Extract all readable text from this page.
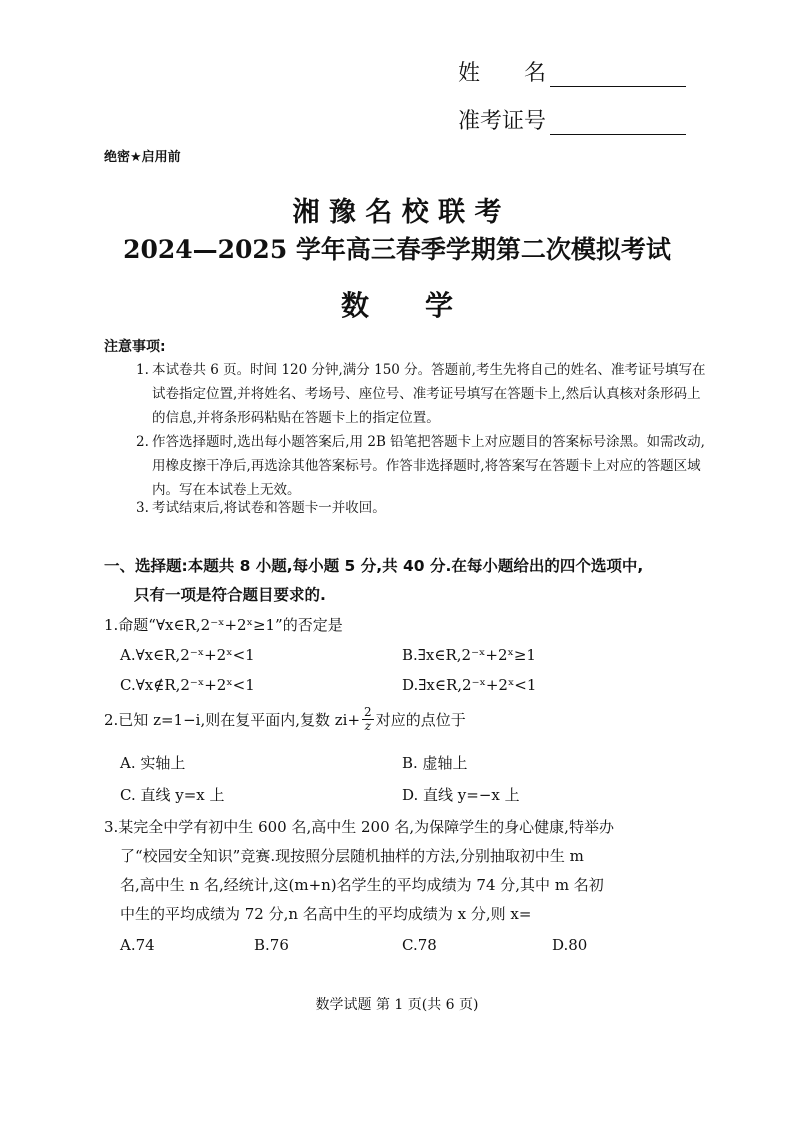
姓　　名
准考证号
绝密★启用前
湘 豫 名 校 联 考
2024—2025 学年高三春季学期第二次模拟考试
数　　学
注意事项:
1. 本试卷共 6 页。时间 120 分钟,满分 150 分。答题前,考生先将自己的姓名、准考证号填写在试卷指定位置,并将姓名、考场号、座位号、准考证号填写在答题卡上,然后认真核对条形码上的信息,并将条形码粘贴在答题卡上的指定位置。
2. 作答选择题时,选出每小题答案后,用 2B 铅笔把答题卡上对应题目的答案标号涂黑。如需改动,用橡皮擦干净后,再选涂其他答案标号。作答非选择题时,将答案写在答题卡上对应的答题区域内。写在本试卷上无效。
3. 考试结束后,将试卷和答题卡一并收回。
一、选择题:本题共 8 小题,每小题 5 分,共 40 分.在每小题给出的四个选项中,
只有一项是符合题目要求的.
1.命题“∀x∈R,2⁻ˣ+2ˣ≥1”的否定是
A.∀x∈R,2⁻ˣ+2ˣ<1	B.∃x∈R,2⁻ˣ+2ˣ≥1
C.∀x∉R,2⁻ˣ+2ˣ<1	D.∃x∈R,2⁻ˣ+2ˣ<1
2.已知 z=1−i,则在复平面内,复数 $zi+ \frac{2}{z}$ 对应的点位于
A. 实轴上	B. 虚轴上
C. 直线 y=x 上	D. 直线 y=−x 上
3.某完全中学有初中生 600 名,高中生 200 名,为保障学生的身心健康,特举办
了“校园安全知识”竞赛.现按照分层随机抽样的方法,分别抽取初中生 m
名,高中生 n 名,经统计,这(m+n)名学生的平均成绩为 74 分,其中 m 名初
中生的平均成绩为 72 分,n 名高中生的平均成绩为 x 分,则 x=
A.74	B.76	C.78	D.80
数学试题 第 1 页(共 6 页)
